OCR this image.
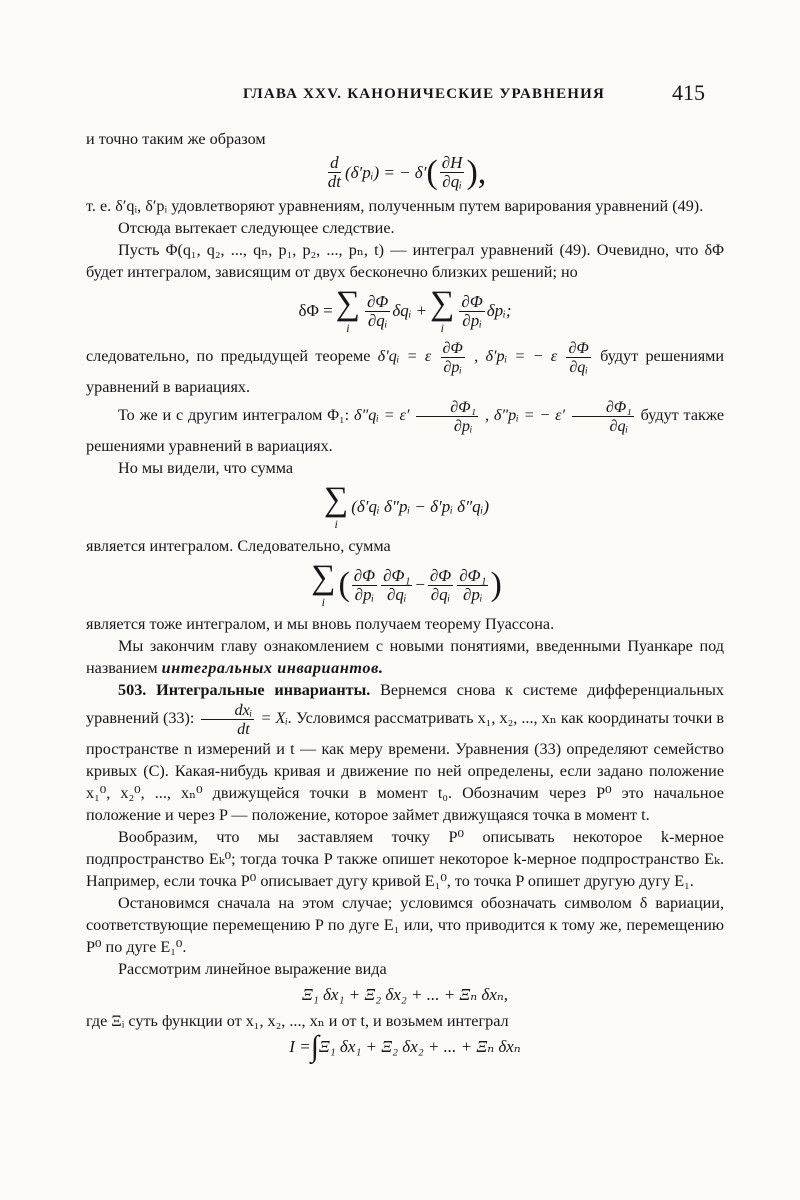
ГЛАВА XXV. КАНОНИЧЕСКИЕ УРАВНЕНИЯ	415

и точно таким же образом

$\frac{d}{dt}$ (δ′pᵢ) = − δ′ ( $\frac{\partial H}{\text{∂qᵢ}}$ ),

т. е. δ′qᵢ, δ′pᵢ удовлетворяют уравнениям, полученным путем варирования уравнений (49).

Отсюда вытекает следующее следствие.

Пусть Φ(q₁, q₂, ..., qₙ, p₁, p₂, ..., pₙ, t) — интеграл уравнений (49). Очевидно, что δΦ будет интегралом, зависящим от двух бесконечно близких решений; но

δΦ = ∑
i $\frac{\partial\Phi}{\text{∂qᵢ}}$ δqᵢ + ∑
i $\frac{\partial\Phi}{\text{∂pᵢ}}$ δpᵢ;

следовательно, по предыдущей теореме δ′qᵢ = ε $\frac{\partial\Phi}{\text{∂pᵢ}}$ , δ′pᵢ = − ε $\frac{\partial\Phi}{\text{∂qᵢ}}$ будут решениями уравнений в вариациях.

То же и с другим интегралом Φ₁: δ″qᵢ = $\varepsilon' \frac{\text{∂Φ₁}}{\text{∂pᵢ}}$ , δ″pᵢ = − $\varepsilon' \frac{\text{∂Φ₁}}{\text{∂qᵢ}}$ будут также решениями уравнений в вариациях.

Но мы видели, что сумма

∑
i
(δ′qᵢ δ″pᵢ − δ′pᵢ δ″qᵢ)

является интегралом. Следовательно, сумма

∑
i ( $\frac{\partial\Phi}{\text{∂pᵢ}} \frac{\text{∂Φ₁}}{\text{∂qᵢ}} - \frac{\partial\Phi}{\text{∂qᵢ}} \frac{\text{∂Φ₁}}{\text{∂pᵢ}}$ )

является тоже интегралом, и мы вновь получаем теорему Пуассона.

Мы закончим главу ознакомлением с новыми понятиями, введенными Пуанкаре под названием интегральных инвариантов.

503. Интегральные инварианты. Вернемся снова к системе дифференциальных уравнений (33): $\frac{\text{dxᵢ}}{dt}$ = Xᵢ. Условимся рассматривать x₁, x₂, ..., xₙ как координаты точки в пространстве n измерений и t — как меру времени. Уравнения (33) определяют семейство кривых (C). Какая-нибудь кривая и движение по ней определены, если задано положение x₁⁰, x₂⁰, ..., xₙ⁰ движущейся точки в момент t₀. Обозначим через P⁰ это начальное положение и через P — положение, которое займет движущаяся точка в момент t.

Вообразим, что мы заставляем точку P⁰ описывать некоторое k-мерное подпространство Eₖ⁰; тогда точка P также опишет некоторое k-мерное подпространство Eₖ. Например, если точка P⁰ описывает дугу кривой E₁⁰, то точка P опишет другую дугу E₁.

Остановимся сначала на этом случае; условимся обозначать символом δ вариации, соответствующие перемещению P по дуге E₁ или, что приводится к тому же, перемещению P⁰ по дуге E₁⁰.

Рассмотрим линейное выражение вида

Ξ₁ δx₁ + Ξ₂ δx₂ + ... + Ξₙ δxₙ,

где Ξᵢ суть функции от x₁, x₂, ..., xₙ и от t, и возьмем интеграл

I = ∫ Ξ₁ δx₁ + Ξ₂ δx₂ + ... + Ξₙ δxₙ
